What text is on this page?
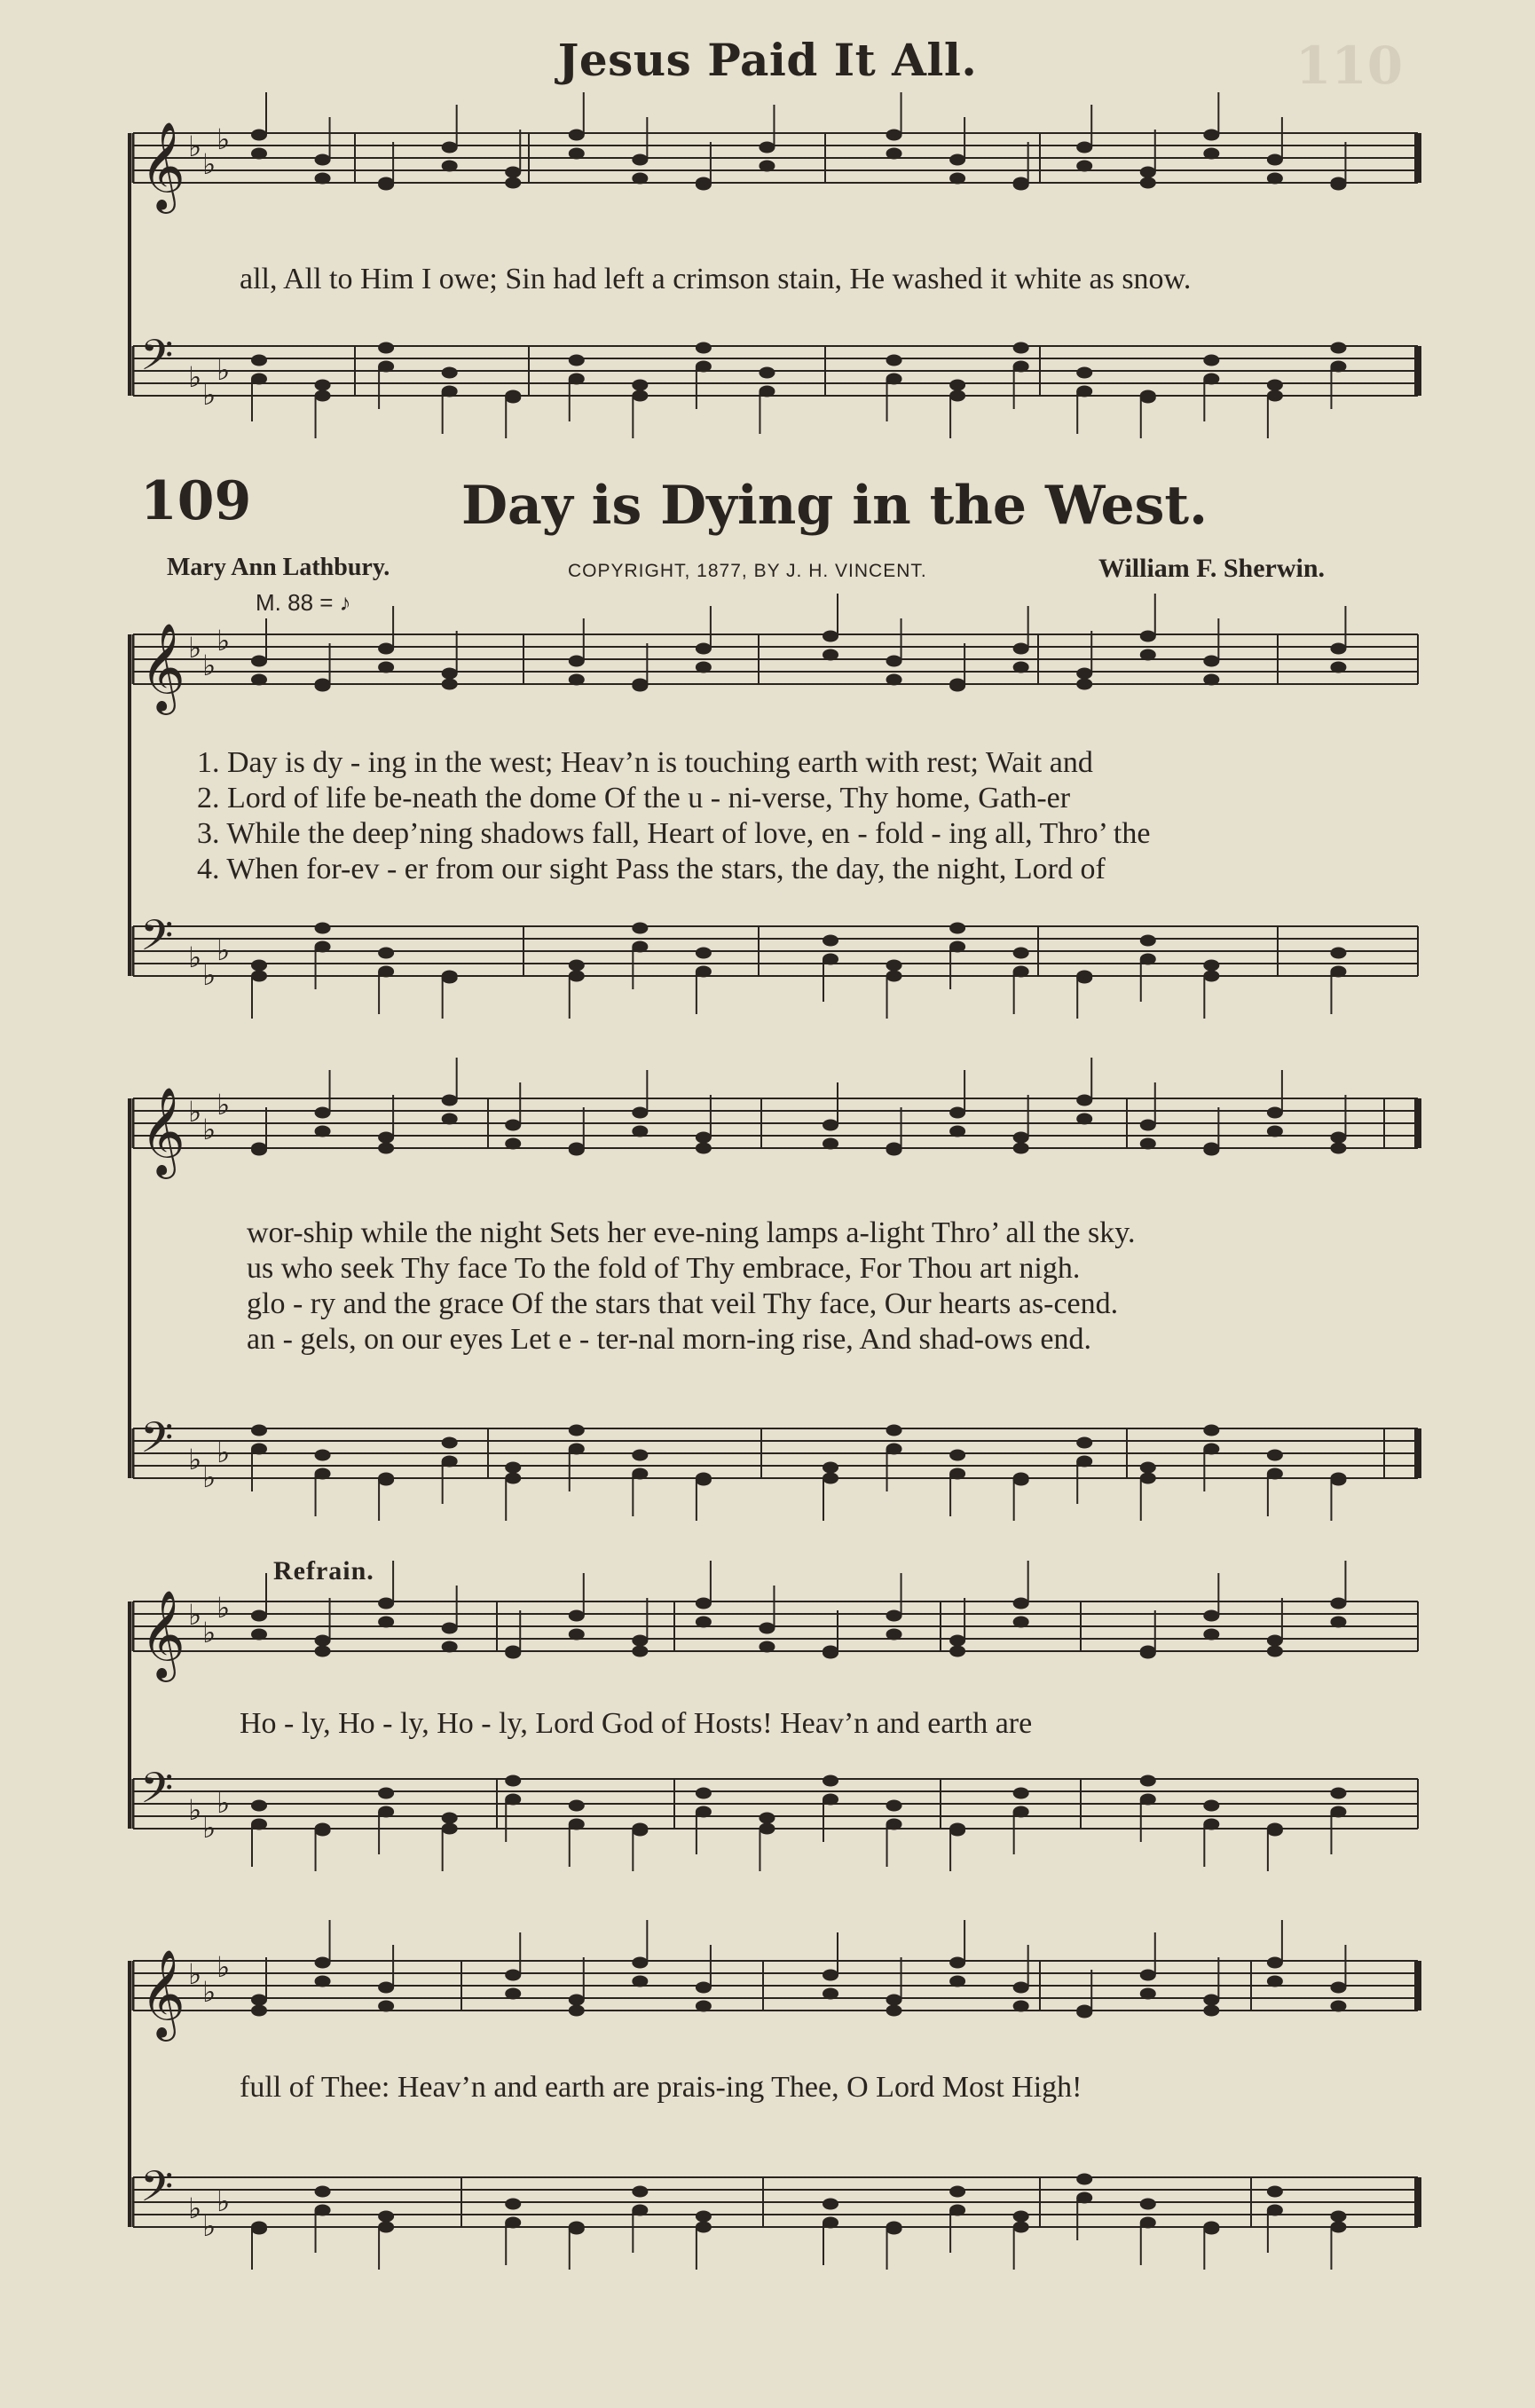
𝄞 ♭
♭
♭
𝄢 ♭
♭
♭
𝄞 ♭
♭
♭
𝄢 ♭
♭
♭
𝄞 ♭
♭
♭
𝄢 ♭
♭
♭
𝄞 ♭
♭
♭
𝄢 ♭
♭
♭
𝄞 ♭
♭
♭
𝄢 ♭
♭
♭
110
Jesus Paid It All.
all, All to Him I owe; Sin had left a crimson stain, He washed it white as snow.
109	Day is Dying in the West.
Mary Ann Lathbury.	COPYRIGHT, 1877, BY J. H. VINCENT.	William F. Sherwin.
M. 88 = ♪
1. Day is dy - ing in the west; Heav’n is touching earth with rest; Wait and
2. Lord of life be-neath the dome Of the u - ni-verse, Thy home, Gath-er
3. While the deep’ning shadows fall, Heart of love, en - fold - ing all, Thro’ the
4. When for-ev - er from our sight Pass the stars, the day, the night, Lord of
wor-ship while the night Sets her eve-ning lamps a-light Thro’ all the sky.
us who seek Thy face To the fold of Thy embrace, For Thou art nigh.
glo - ry and the grace Of the stars that veil Thy face, Our hearts as-cend.
an - gels, on our eyes Let e - ter-nal morn-ing rise, And shad-ows end.
Refrain.
Ho - ly, Ho - ly, Ho - ly, Lord God of Hosts! Heav’n and earth are
full of Thee: Heav’n and earth are prais-ing Thee, O Lord Most High!
